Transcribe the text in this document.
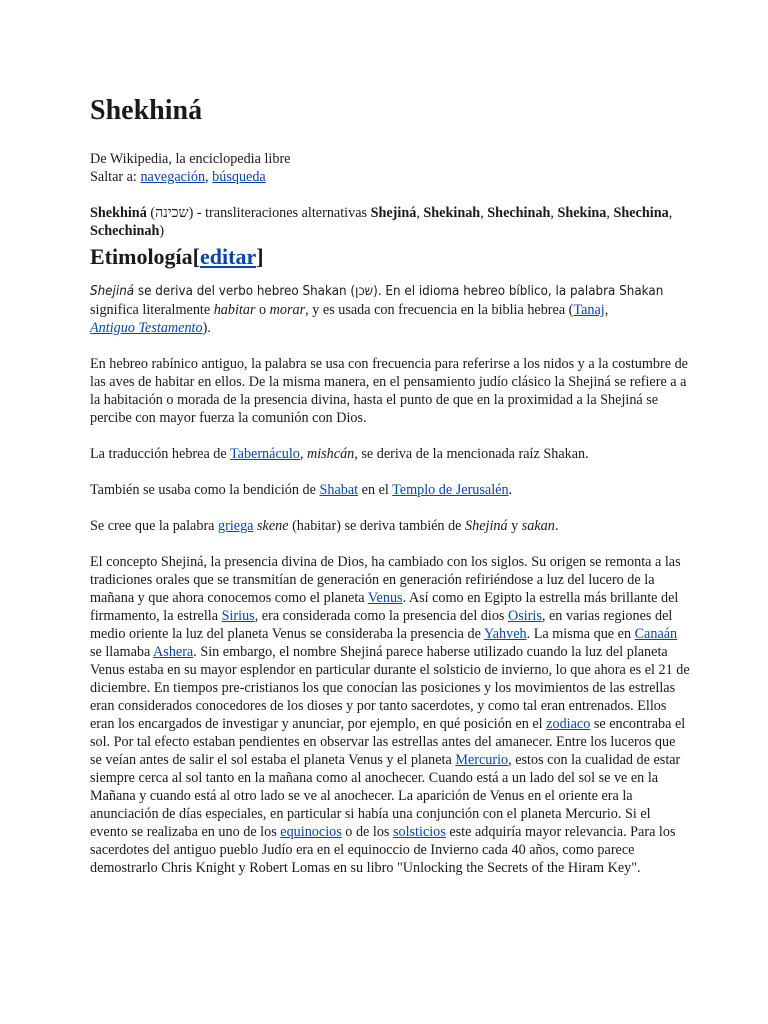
Shekhiná

De Wikipedia, la enciclopedia libre

Saltar a: navegación, búsqueda

Shekhiná (שכינה) - transliteraciones alternativas Shejiná, Shekinah, Shechinah, Shekina, Shechina, Schechinah)

Etimología[editar]

Shejiná se deriva del verbo hebreo Shakan (שכן). En el idioma hebreo bíblico, la palabra Shakan
significa literalmente habitar o morar, y es usada con frecuencia en la biblia hebrea (Tanaj,
Antiguo Testamento).

En hebreo rabínico antiguo, la palabra se usa con frecuencia para referirse a los nidos y a la costumbre de las aves de habitar en ellos. De la misma manera, en el pensamiento judío clásico la Shejiná se refiere a a la habitación o morada de la presencia divina, hasta el punto de que en la proximidad a la Shejiná se percibe con mayor fuerza la comunión con Dios.

La traducción hebrea de Tabernáculo, mishcán, se deriva de la mencionada raíz Shakan.

También se usaba como la bendición de Shabat en el Templo de Jerusalén.

Se cree que la palabra griega skene (habitar) se deriva también de Shejiná y sakan.

El concepto Shejiná, la presencia divina de Dios, ha cambiado con los siglos. Su origen se remonta a las tradiciones orales que se transmitían de generación en generación refiriéndose a luz del lucero de la mañana y que ahora conocemos como el planeta Venus. Así como en Egipto la estrella más brillante del firmamento, la estrella Sirius, era considerada como la presencia del dios Osiris, en varias regiones del medio oriente la luz del planeta Venus se consideraba la presencia de Yahveh. La misma que en Canaán se llamaba Ashera. Sin embargo, el nombre Shejiná parece haberse utilizado cuando la luz del planeta Venus estaba en su mayor esplendor en particular durante el solsticio de invierno, lo que ahora es el 21 de diciembre. En tiempos pre-cristianos los que conocían las posiciones y los movimientos de las estrellas eran considerados conocedores de los dioses y por tanto sacerdotes, y como tal eran entrenados. Ellos eran los encargados de investigar y anunciar, por ejemplo, en qué posición en el zodiaco se encontraba el sol. Por tal efecto estaban pendientes en observar las estrellas antes del amanecer. Entre los luceros que se veían antes de salir el sol estaba el planeta Venus y el planeta Mercurio, estos con la cualidad de estar siempre cerca al sol tanto en la mañana como al anochecer. Cuando está a un lado del sol se ve en la Mañana y cuando está al otro lado se ve al anochecer. La aparición de Venus en el oriente era la anunciación de días especiales, en particular si había una conjunción con el planeta Mercurio. Si el evento se realizaba en uno de los equinocios o de los solsticios este adquiría mayor relevancia. Para los sacerdotes del antiguo pueblo Judío era en el equinoccio de Invierno cada 40 años, como parece demostrarlo Chris Knight y Robert Lomas en su libro "Unlocking the Secrets of the Hiram Key".
